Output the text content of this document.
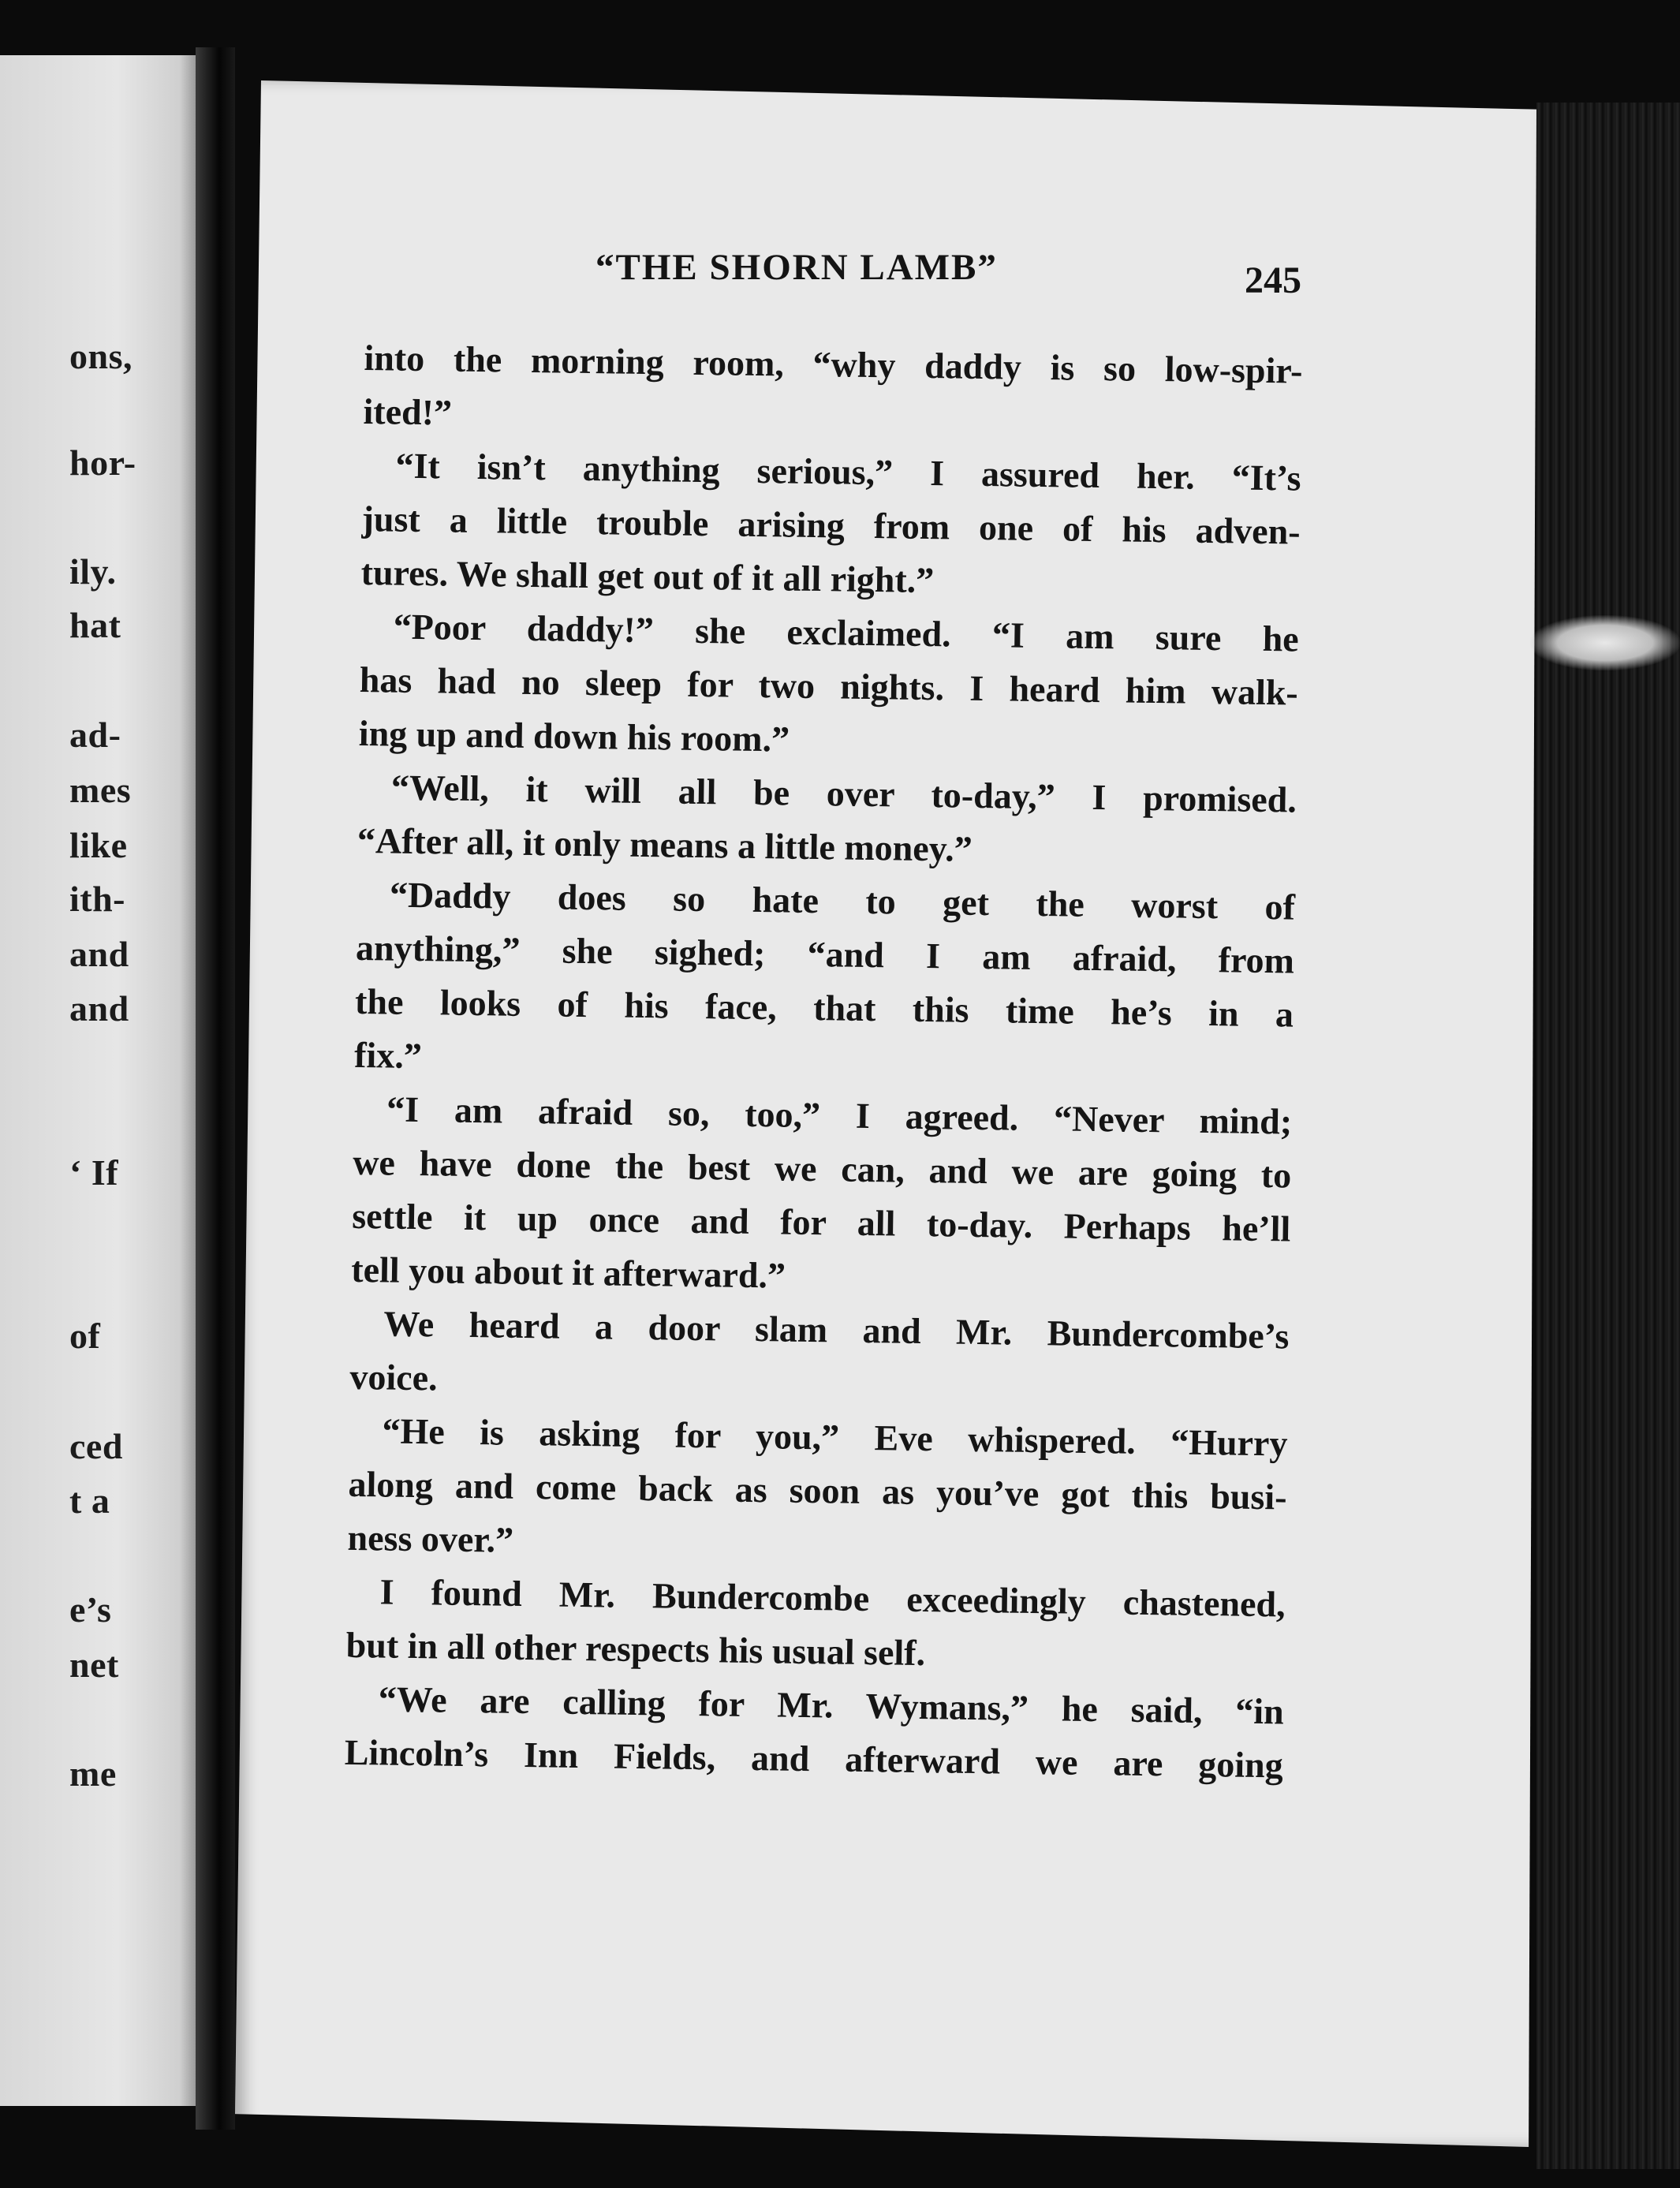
ons,
hor-
ily.
hat
ad-
mes
like
ith-
and
and
‘ If
of
ced
t a
e’s
net
me
“THE SHORN LAMB”	245
into the morning room, “why daddy is so low-spir-
ited!”
“It isn’t anything serious,” I assured her. “It’s
just a little trouble arising from one of his adven-
tures. We shall get out of it all right.”
“Poor daddy!” she exclaimed. “I am sure he
has had no sleep for two nights. I heard him walk-
ing up and down his room.”
“Well, it will all be over to-day,” I promised.
“After all, it only means a little money.”
“Daddy does so hate to get the worst of
anything,” she sighed; “and I am afraid, from
the looks of his face, that this time he’s in a
fix.”
“I am afraid so, too,” I agreed. “Never mind;
we have done the best we can, and we are going to
settle it up once and for all to-day. Perhaps he’ll
tell you about it afterward.”
We heard a door slam and Mr. Bundercombe’s
voice.
“He is asking for you,” Eve whispered. “Hurry
along and come back as soon as you’ve got this busi-
ness over.”
I found Mr. Bundercombe exceedingly chastened,
but in all other respects his usual self.
“We are calling for Mr. Wymans,” he said, “in
Lincoln’s Inn Fields, and afterward we are going
